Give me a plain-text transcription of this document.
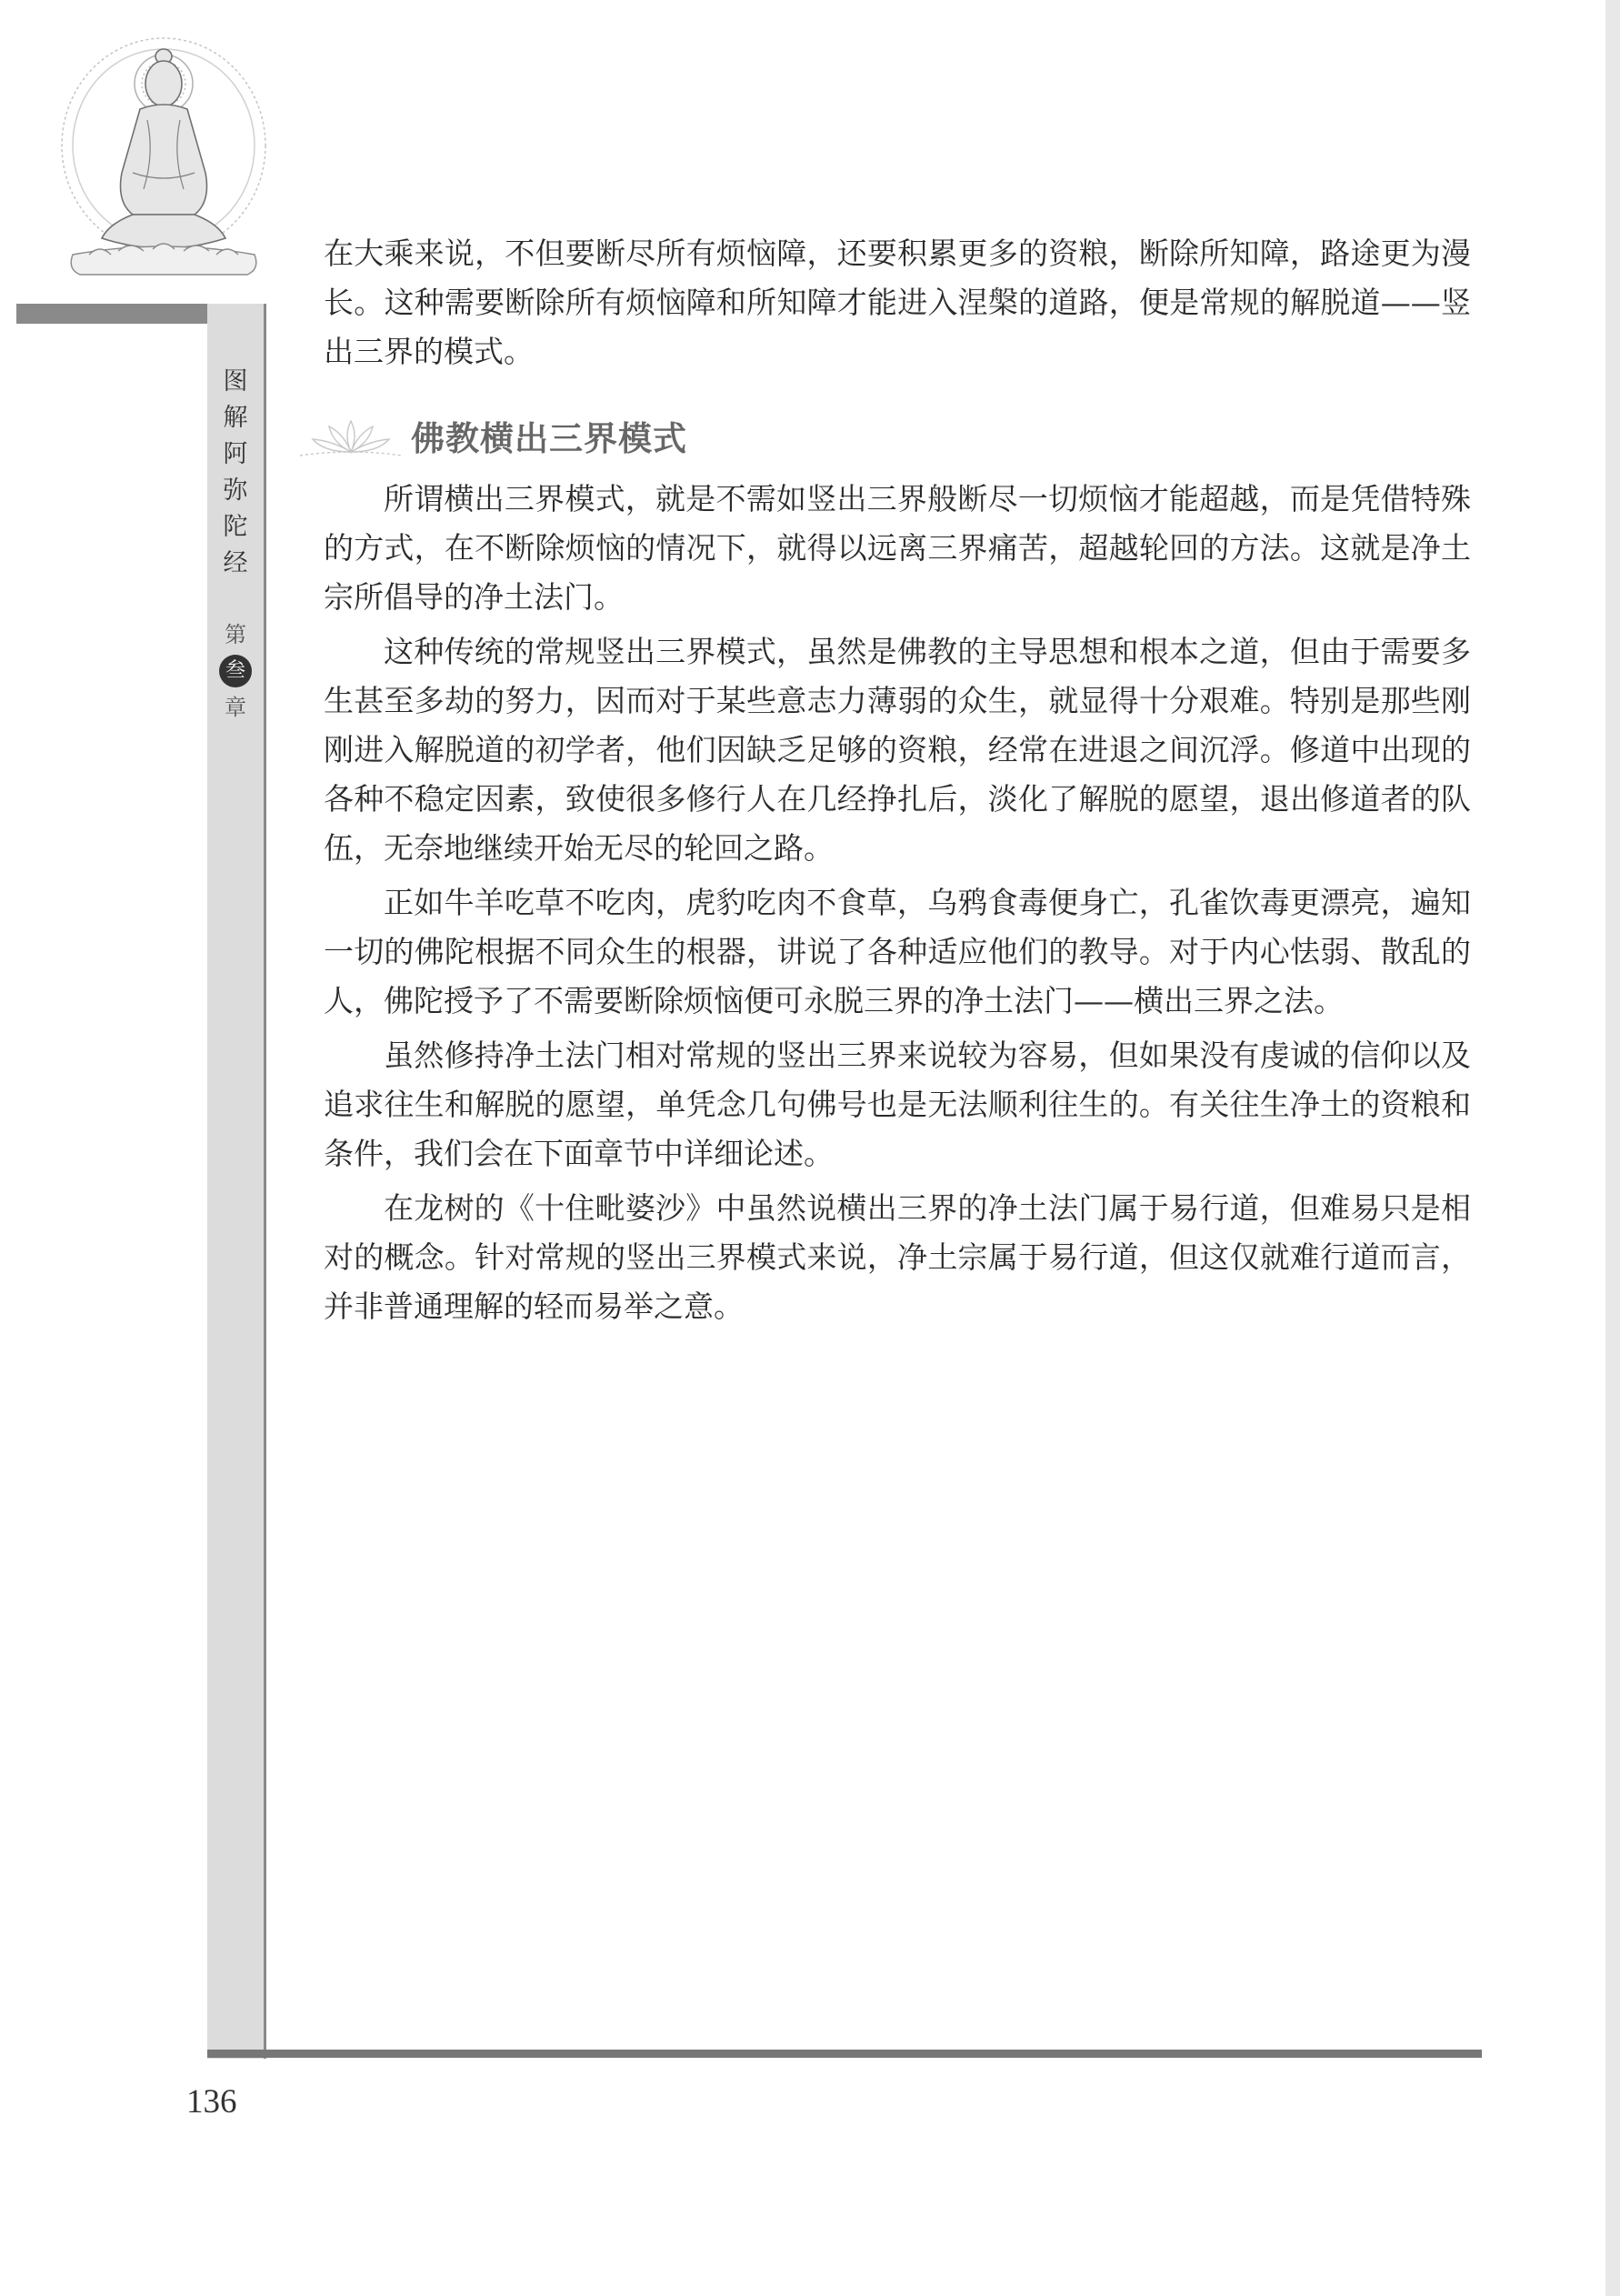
图
解
阿
弥
陀
经
第
叁
章

在大乘来说，不但要断尽所有烦恼障，还要积累更多的资粮，断除所知障，路途更为漫长。这种需要断除所有烦恼障和所知障才能进入涅槃的道路，便是常规的解脱道——竖出三界的模式。

佛教横出三界模式

所谓横出三界模式，就是不需如竖出三界般断尽一切烦恼才能超越，而是凭借特殊的方式，在不断除烦恼的情况下，就得以远离三界痛苦，超越轮回的方法。这就是净土宗所倡导的净土法门。

这种传统的常规竖出三界模式，虽然是佛教的主导思想和根本之道，但由于需要多生甚至多劫的努力，因而对于某些意志力薄弱的众生，就显得十分艰难。特别是那些刚刚进入解脱道的初学者，他们因缺乏足够的资粮，经常在进退之间沉浮。修道中出现的各种不稳定因素，致使很多修行人在几经挣扎后，淡化了解脱的愿望，退出修道者的队伍，无奈地继续开始无尽的轮回之路。

正如牛羊吃草不吃肉，虎豹吃肉不食草，乌鸦食毒便身亡，孔雀饮毒更漂亮，遍知一切的佛陀根据不同众生的根器，讲说了各种适应他们的教导。对于内心怯弱、散乱的人，佛陀授予了不需要断除烦恼便可永脱三界的净土法门——横出三界之法。

虽然修持净土法门相对常规的竖出三界来说较为容易，但如果没有虔诚的信仰以及追求往生和解脱的愿望，单凭念几句佛号也是无法顺利往生的。有关往生净土的资粮和条件，我们会在下面章节中详细论述。

在龙树的《十住毗婆沙》中虽然说横出三界的净土法门属于易行道，但难易只是相对的概念。针对常规的竖出三界模式来说，净土宗属于易行道，但这仅就难行道而言，并非普通理解的轻而易举之意。

136
